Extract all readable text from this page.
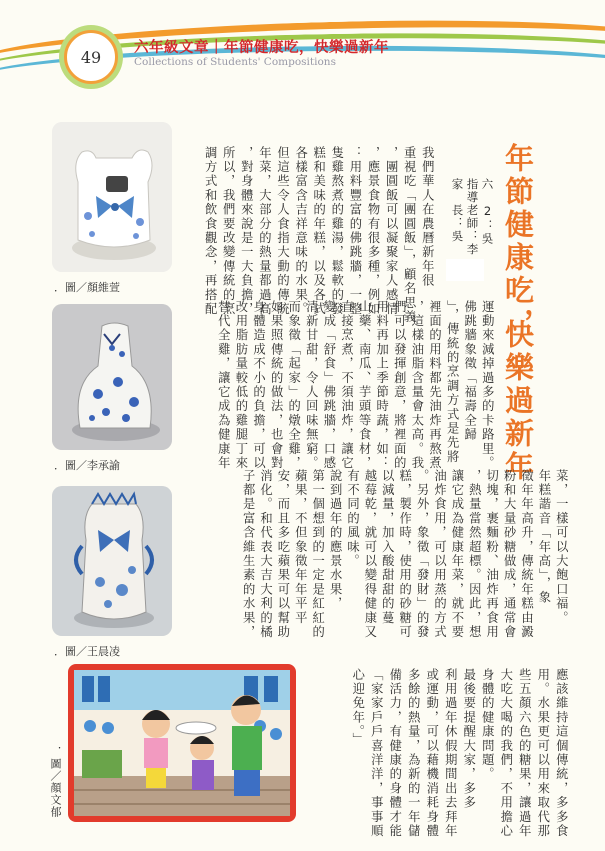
49	六年級文章｜年節健康吃，快樂過新年
Collections of Students' Compositions
年節健康吃，
快樂過新年
六　2：吳
指導老師：李
家　長：吳
我們華人在農曆新年很
重視吃「團圓飯」，顧名思義
，團圓飯可以凝聚家人感情
，應景食物有很多種，例如
：用料豐富的佛跳牆，一整
隻雞熬煮的雞湯，鬆軟的發
糕和美味的年糕，以及各式
各樣富含吉祥意味的水果。
但這些令人食指大動的傳統
年菜，大部分的熱量都過高
，對身體來說是一大負擔，
所以，我們要改變傳統的烹
調方式和飲食觀念，再搭配
運動來減掉過多的卡路里。
佛跳牆象徵「福壽全歸
」，傳統的烹調方式是先將
裡面的用料都先油炸再熬煮
，這樣油脂含量會太高。我
們可以發揮創意，將裡面的
用料再加上季節時蔬，如：
山藥、南瓜、芋頭等食材，
直接烹煮，不須油炸，讓它
變成「舒食」佛跳牆，口感
清新甘甜，令人回味無窮。
而象徵「起家」的燉全雞，
如果照傳統的做法，也會對
身體造成不小的負擔，可以
改用脂肪量較低的雞腿丁來
替代全雞，讓它成為健康年
菜，一樣可以大飽口福。
年糕諧音「年高」，象
徵年年高升，傳統年糕由澱
粉和大量砂糖做成，通常會
切塊，裹麵粉、油炸再食用
，熱量當然超標。因此，想
讓它成為健康年菜，就不要
油炸食用，可以用蒸的方式
。另外，象徵「發財」的發
糕，製作時，使用的砂糖可
以減量，加入酸甜甜的蔓
越莓乾，就可以變得健康又
有不同的風味。
說到過年的應景水果，
第一個想到的一定是紅紅的
蘋果，不但象徵年年平平
安，而且多吃蘋果可以幫助
消化。和代表大吉大利的橘
子都是富含維生素的水果，
應該維持這個傳統，多多食
用。水果更可以用來取代那
些五顏六色的糖果，讓過年
大吃大喝的我們，不用擔心
身體的健康問題。
最後要提醒大家，多多
利用過年休假期間出去拜年
或運動，可以藉機消耗身體
多餘的熱量，為新的一年儲
備活力，有健康的身體才能
「家家戶戶喜洋洋，事事順
心迎免年。」
．圖／顏維萱
．圖／李承諭
．圖／王晨凌
．圖／顏文郁
